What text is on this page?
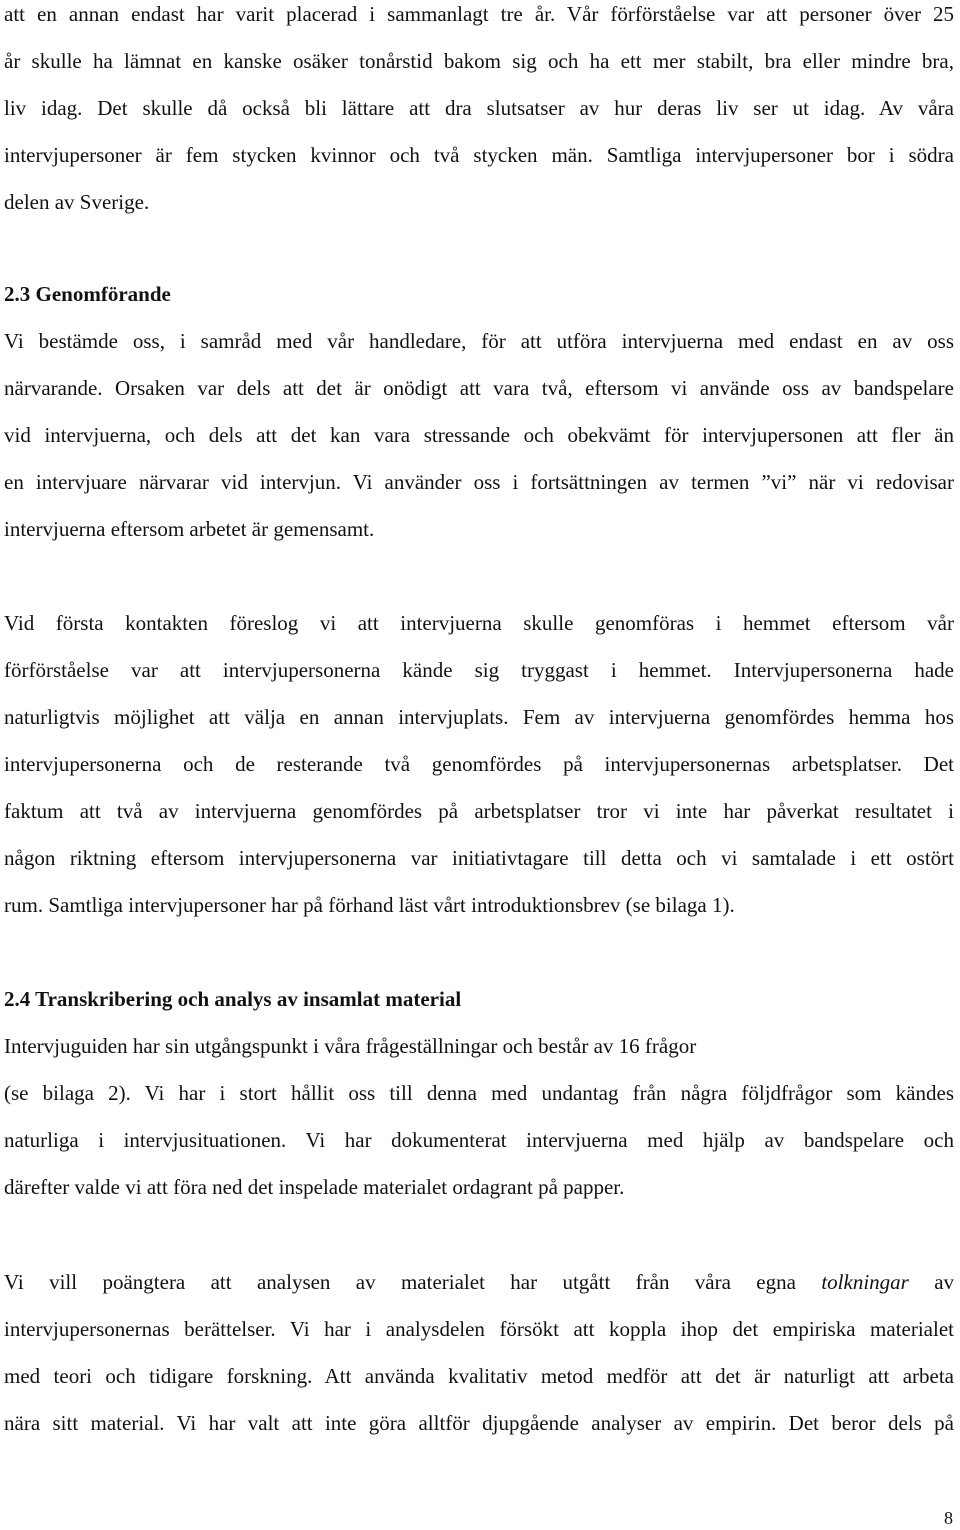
att en annan endast har varit placerad i sammanlagt tre år. Vår förförståelse var att personer över 25
år skulle ha lämnat en kanske osäker tonårstid bakom sig och ha ett mer stabilt, bra eller mindre bra,
liv idag. Det skulle då också bli lättare att dra slutsatser av hur deras liv ser ut idag. Av våra
intervjupersoner är fem stycken kvinnor och två stycken män. Samtliga intervjupersoner bor i södra
delen av Sverige.
2.3 Genomförande
Vi bestämde oss, i samråd med vår handledare, för att utföra intervjuerna med endast en av oss
närvarande. Orsaken var dels att det är onödigt att vara två, eftersom vi använde oss av bandspelare
vid intervjuerna, och dels att det kan vara stressande och obekvämt för intervjupersonen att fler än
en intervjuare närvarar vid intervjun. Vi använder oss i fortsättningen av termen ”vi” när vi redovisar
intervjuerna eftersom arbetet är gemensamt.
Vid första kontakten föreslog vi att intervjuerna skulle genomföras i hemmet eftersom vår
förförståelse var att intervjupersonerna kände sig tryggast i hemmet. Intervjupersonerna hade
naturligtvis möjlighet att välja en annan intervjuplats. Fem av intervjuerna genomfördes hemma hos
intervjupersonerna och de resterande två genomfördes på intervjupersonernas arbetsplatser. Det
faktum att två av intervjuerna genomfördes på arbetsplatser tror vi inte har påverkat resultatet i
någon riktning eftersom intervjupersonerna var initiativtagare till detta och vi samtalade i ett ostört
rum. Samtliga intervjupersoner har på förhand läst vårt introduktionsbrev (se bilaga 1).
2.4 Transkribering och analys av insamlat material
Intervjuguiden har sin utgångspunkt i våra frågeställningar och består av 16 frågor
(se bilaga 2). Vi har i stort hållit oss till denna med undantag från några följdfrågor som kändes
naturliga i intervjusituationen. Vi har dokumenterat intervjuerna med hjälp av bandspelare och
därefter valde vi att föra ned det inspelade materialet ordagrant på papper.
Vi vill poängtera att analysen av materialet har utgått från våra egna tolkningar av
intervjupersonernas berättelser. Vi har i analysdelen försökt att koppla ihop det empiriska materialet
med teori och tidigare forskning. Att använda kvalitativ metod medför att det är naturligt att arbeta
nära sitt material. Vi har valt att inte göra alltför djupgående analyser av empirin. Det beror dels på
8
